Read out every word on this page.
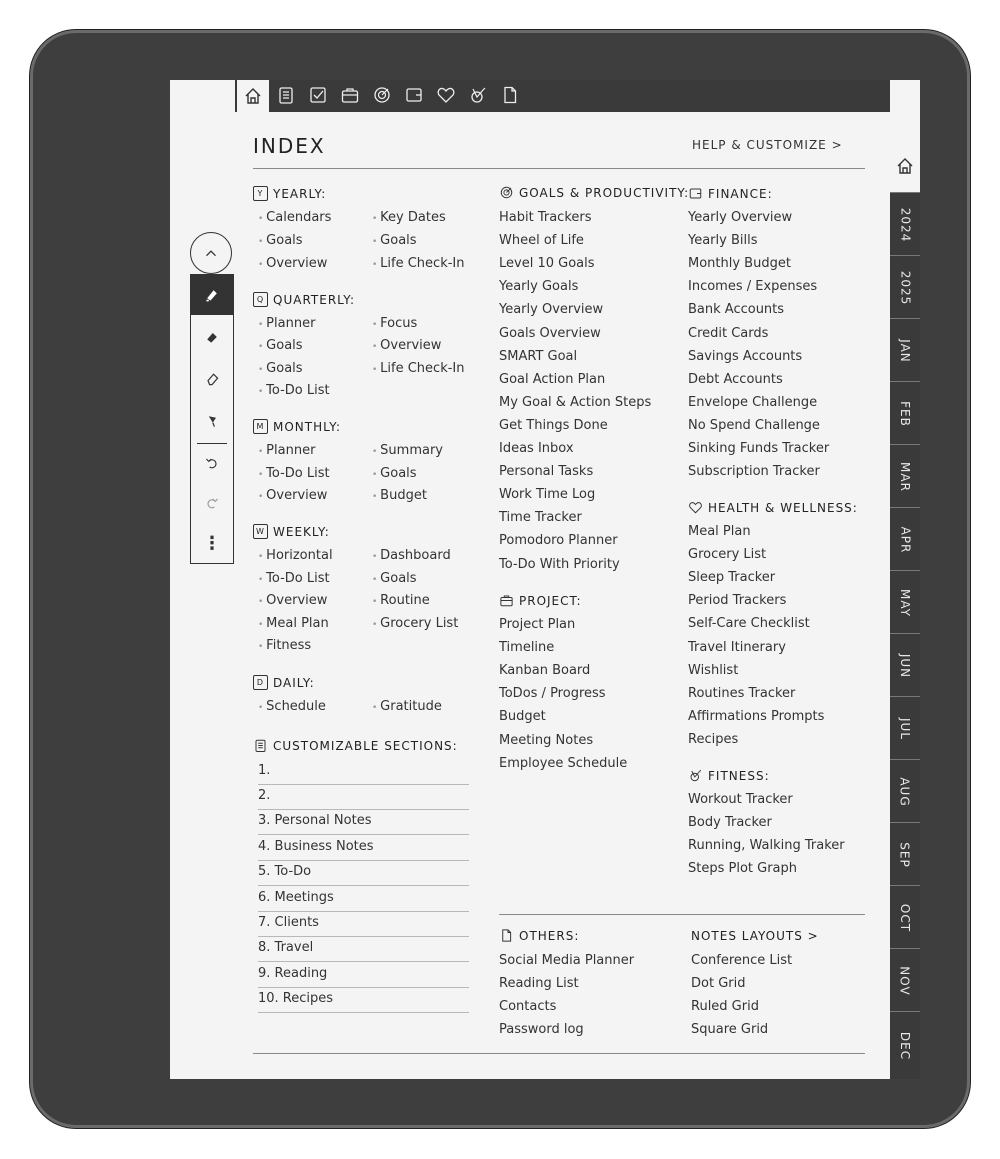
2024
2025
JAN
FEB
MAR
APR
MAY
JUN
JUL
AUG
SEP
OCT
NOV
DEC
⋮
INDEX	HELP & CUSTOMIZE >
Y YEARLY:
• Calendars
• Goals
• Overview
• Key Dates
• Goals
• Life Check-In
Q QUARTERLY:
• Planner
• Goals
• Goals
• To-Do List
• Focus
• Overview
• Life Check-In
M MONTHLY:
• Planner
• To-Do List
• Overview
• Summary
• Goals
• Budget
W WEEKLY:
• Horizontal
• To-Do List
• Overview
• Meal Plan
• Fitness
• Dashboard
• Goals
• Routine
• Grocery List
D DAILY:
• Schedule
•	Gratitude
CUSTOMIZABLE SECTIONS:
1.
2.
3. Personal Notes
4. Business Notes
5. To-Do
6. Meetings
7. Clients
8. Travel
9. Reading
10. Recipes
GOALS & PRODUCTIVITY:
Habit Trackers
Wheel of Life
Level 10 Goals
Yearly Goals
Yearly Overview
Goals Overview
SMART Goal
Goal Action Plan
My Goal & Action Steps
Get Things Done
Ideas Inbox
Personal Tasks
Work Time Log
Time Tracker
Pomodoro Planner
To-Do With Priority
PROJECT:
Project Plan
Timeline
Kanban Board
ToDos / Progress
Budget
Meeting Notes
Employee Schedule
FINANCE:
Yearly Overview
Yearly Bills
Monthly Budget
Incomes / Expenses
Bank Accounts
Credit Cards
Savings Accounts
Debt Accounts
Envelope Challenge
No Spend Challenge
Sinking Funds Tracker
Subscription Tracker
HEALTH & WELLNESS:
Meal Plan
Grocery List
Sleep Tracker
Period Trackers
Self-Care Checklist
Travel Itinerary
Wishlist
Routines Tracker
Affirmations Prompts
Recipes
FITNESS:
Workout Tracker
Body Tracker
Running, Walking Traker
Steps Plot Graph
OTHERS:
Social Media Planner
Reading List
Contacts
Password log
NOTES LAYOUTS >
Conference List
Dot Grid
Ruled Grid
Square Grid
